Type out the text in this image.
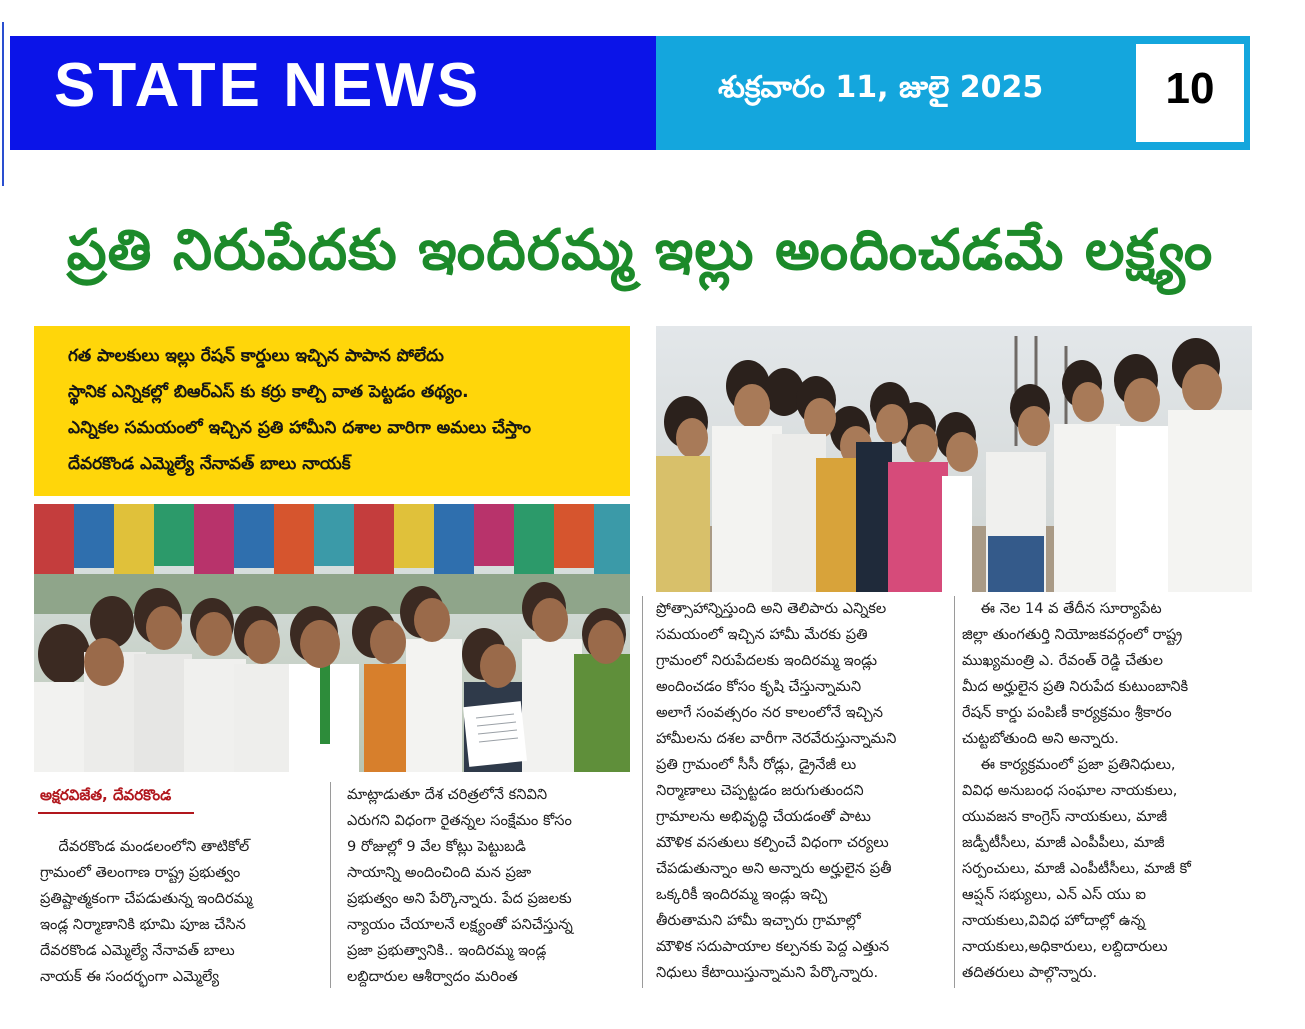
STATE NEWS	శుక్రవారం 11, జులై 2025	10
ప్రతి నిరుపేదకు ఇందిరమ్మ ఇల్లు అందించడమే లక్ష్యం

గత పాలకులు ఇల్లు రేషన్ కార్డులు ఇచ్చిన పాపాన పోలేదు

స్థానిక ఎన్నికల్లో బిఆర్ఎస్ కు కర్రు కాల్చి వాత పెట్టడం తథ్యం.

ఎన్నికల సమయంలో ఇచ్చిన ప్రతి హామీని దశాల వారిగా అమలు చేస్తాం

దేవరకొండ ఎమ్మెల్యే నేనావత్ బాలు నాయక్

అక్షరవిజేత, దేవరకొండ
దేవరకొండ మండలంలోని తాటికోల్
గ్రామంలో తెలంగాణ రాష్ట్ర ప్రభుత్వం
ప్రతిష్టాత్మకంగా చేపడుతున్న ఇందిరమ్మ
ఇండ్ల నిర్మాణానికి భూమి పూజ చేసిన
దేవరకొండ ఎమ్మెల్యే నేనావత్ బాలు
నాయక్ ఈ సందర్భంగా ఎమ్మెల్యే
మాట్లాడుతూ దేశ చరిత్రలోనే కనివిని
ఎరుగని విధంగా రైతన్నల సంక్షేమం కోసం
9 రోజుల్లో 9 వేల కోట్లు పెట్టుబడి
సాయాన్ని అందించింది మన ప్రజా
ప్రభుత్వం అని పేర్కొన్నారు. పేద ప్రజలకు
న్యాయం చేయాలనే లక్ష్యంతో పనిచేస్తున్న
ప్రజా ప్రభుత్వానికి.. ఇందిరమ్మ ఇండ్ల
లబ్దిదారుల ఆశీర్వాదం మరింత
ప్రోత్సాహాన్నిస్తుంది అని తెలిపారు ఎన్నికల
సమయంలో ఇచ్చిన హామీ మేరకు ప్రతి
గ్రామంలో నిరుపేదలకు ఇందిరమ్మ ఇండ్లు
అందించడం కోసం కృషి చేస్తున్నామని
అలాగే సంవత్సరం నర కాలంలోనే ఇచ్చిన
హామీలను దశల వారీగా నెరవేరుస్తున్నామని
ప్రతి గ్రామంలో సీసీ రోడ్లు, డ్రైనేజీ లు
నిర్మాణాలు చెప్పట్టడం జరుగుతుందని
గ్రామాలను అభివృద్ధి చేయడంతో పాటు
మౌళిక వసతులు కల్పించే విధంగా చర్యలు
చేపడుతున్నాం అని అన్నారు అర్హులైన ప్రతీ
ఒక్కరికీ ఇందిరమ్మ ఇండ్లు ఇచ్చి
తీరుతామని హామీ ఇచ్చారు గ్రామాల్లో
మౌళిక సదుపాయాల కల్పనకు పెద్ద ఎత్తున
నిధులు కేటాయిస్తున్నామని పేర్కొన్నారు.
ఈ నెల 14 వ తేదీన సూర్యాపేట
జిల్లా తుంగతుర్తి నియోజకవర్గంలో రాష్ట్ర
ముఖ్యమంత్రి ఎ. రేవంత్ రెడ్డి చేతుల
మీద అర్హులైన ప్రతి నిరుపేద కుటుంబానికి
రేషన్ కార్డు పంపిణీ కార్యక్రమం శ్రీకారం
చుట్టబోతుంది అని అన్నారు.
ఈ కార్యక్రమంలో ప్రజా ప్రతినిధులు,
వివిధ అనుబంధ సంఘాల నాయకులు,
యువజన కాంగ్రెస్ నాయకులు, మాజీ
జడ్పీటీసీలు, మాజీ ఎంపీపీలు, మాజీ
సర్పంచులు, మాజీ ఎంపీటీసీలు, మాజీ కో
ఆప్షన్ సభ్యులు, ఎన్ ఎస్ యు ఐ
నాయకులు,వివిధ హోదాల్లో ఉన్న
నాయకులు,అధికారులు, లబ్దిదారులు
తదితరులు పాల్గొన్నారు.
